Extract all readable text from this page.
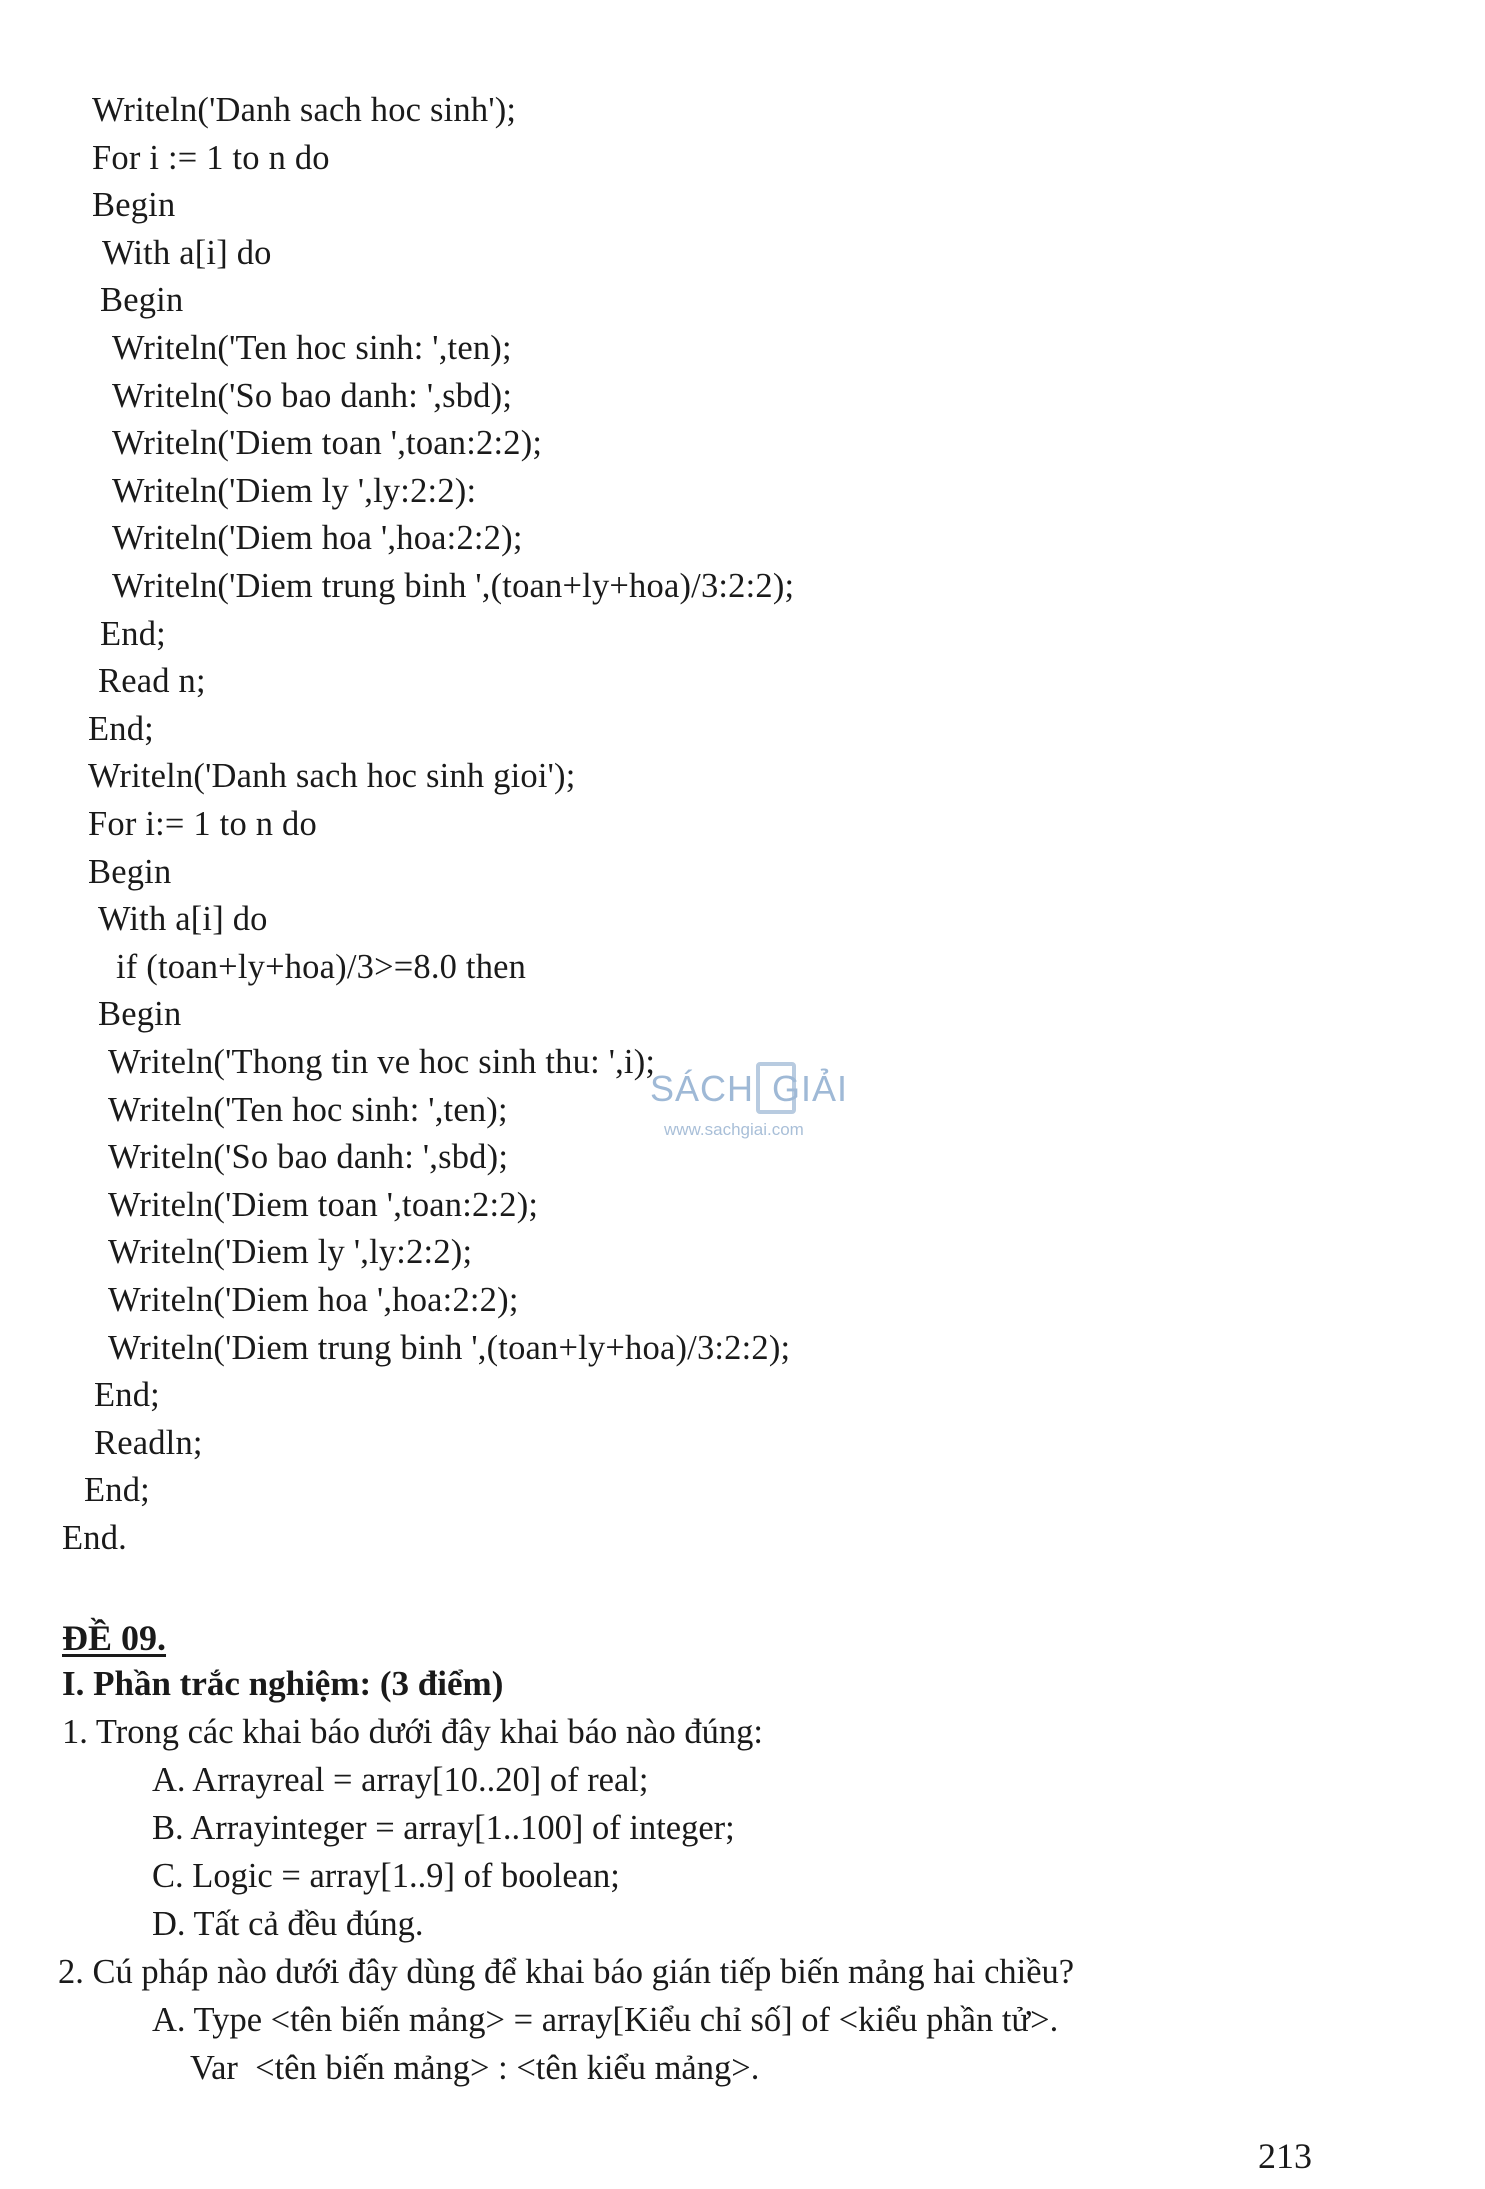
Writeln('Danh sach hoc sinh');
For i := 1 to n do
Begin
With a[i] do
Begin
Writeln('Ten hoc sinh: ',ten);
Writeln('So bao danh: ',sbd);
Writeln('Diem toan ',toan:2:2);
Writeln('Diem ly ',ly:2:2):
Writeln('Diem hoa ',hoa:2:2);
Writeln('Diem trung binh ',(toan+ly+hoa)/3:2:2);
End;
Read n;
End;
Writeln('Danh sach hoc sinh gioi');
For i:= 1 to n do
Begin
With a[i] do
if (toan+ly+hoa)/3>=8.0 then
Begin
Writeln('Thong tin ve hoc sinh thu: ',i);
Writeln('Ten hoc sinh: ',ten);
Writeln('So bao danh: ',sbd);
Writeln('Diem toan ',toan:2:2);
Writeln('Diem ly ',ly:2:2);
Writeln('Diem hoa ',hoa:2:2);
Writeln('Diem trung binh ',(toan+ly+hoa)/3:2:2);
End;
Readln;
End;
End.
ĐỀ 09.
I. Phần trắc nghiệm: (3 điểm)
1. Trong các khai báo dưới đây khai báo nào đúng:
A. Arrayreal = array[10..20] of real;
B. Arrayinteger = array[1..100] of integer;
C. Logic = array[1..9] of boolean;
D. Tất cả đều đúng.
2. Cú pháp nào dưới đây dùng để khai báo gián tiếp biến mảng hai chiều?
A. Type <tên biến mảng> = array[Kiểu chỉ số] of <kiểu phần tử>.
Var  <tên biến mảng> : <tên kiểu mảng>.
SÁCH GIẢI
www.sachgiai.com
213
